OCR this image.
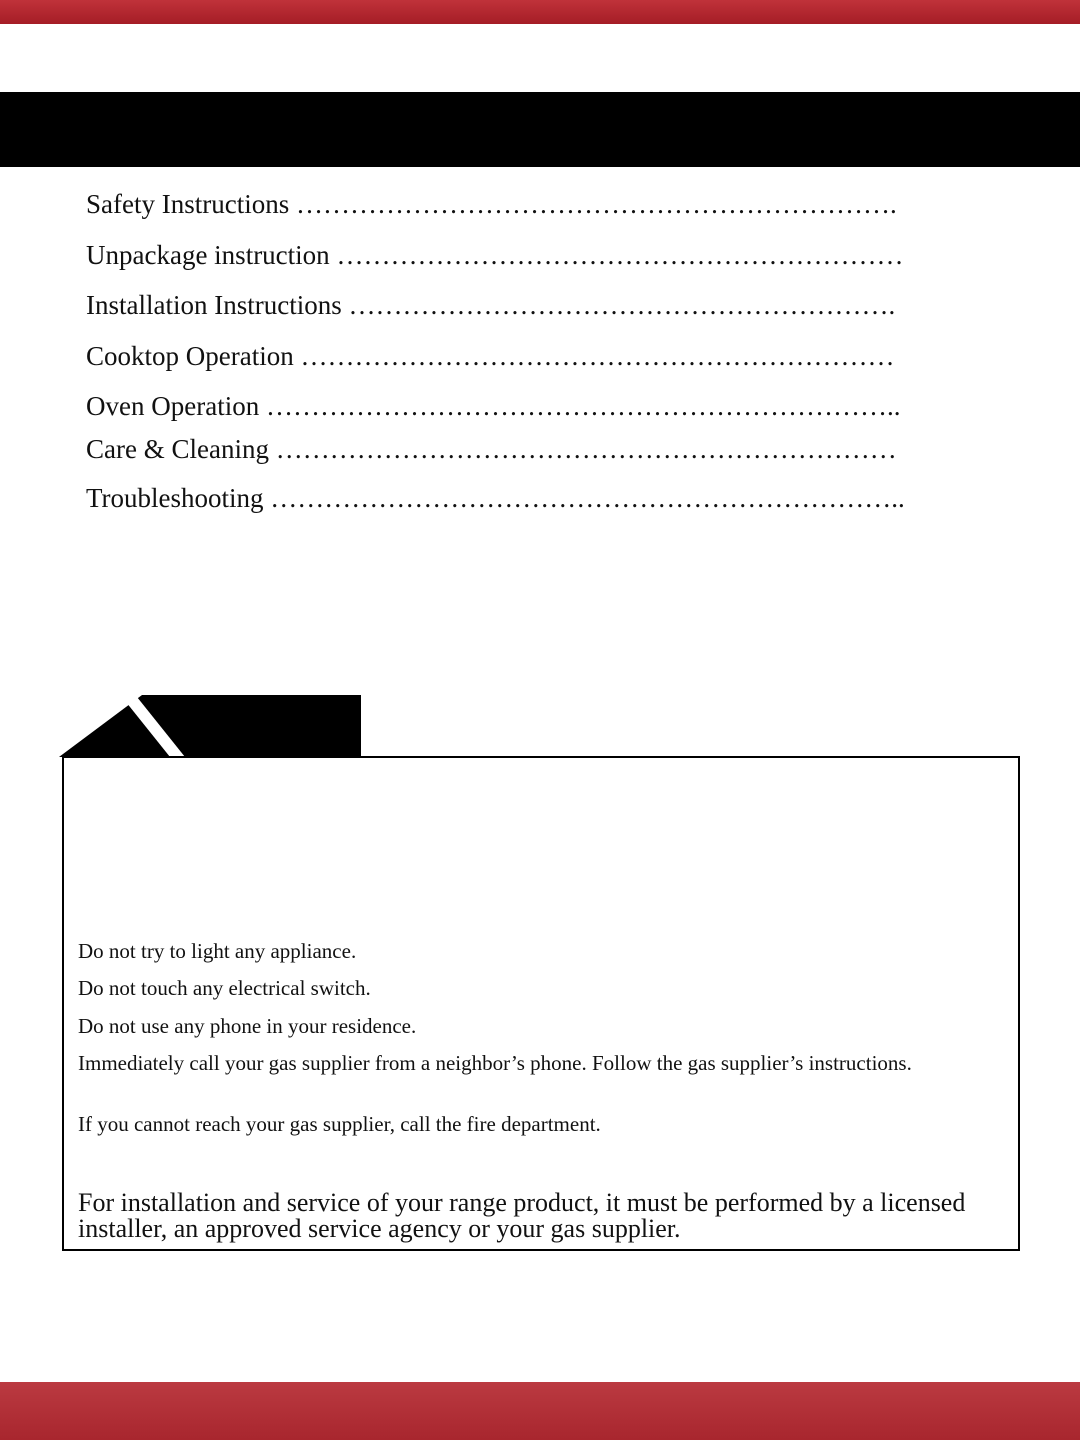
Safety Instructions ………………………………………………………….
Unpackage instruction ………………………………………………………
Installation Instructions …………………………………………………….
Cooktop Operation …………………………………………………………
Oven Operation ……………………………………………………………..
Care & Cleaning ……………………………………………………………
Troubleshooting ……………………………………………………………..
Do not try to light any appliance.
Do not touch any electrical switch.
Do not use any phone in your residence.
Immediately call your gas supplier from a neighbor’s phone. Follow the gas supplier’s instructions.
If you cannot reach your gas supplier, call the fire department.
For installation and service of your range product, it must be performed by a licensed installer, an approved service agency or your gas supplier.
